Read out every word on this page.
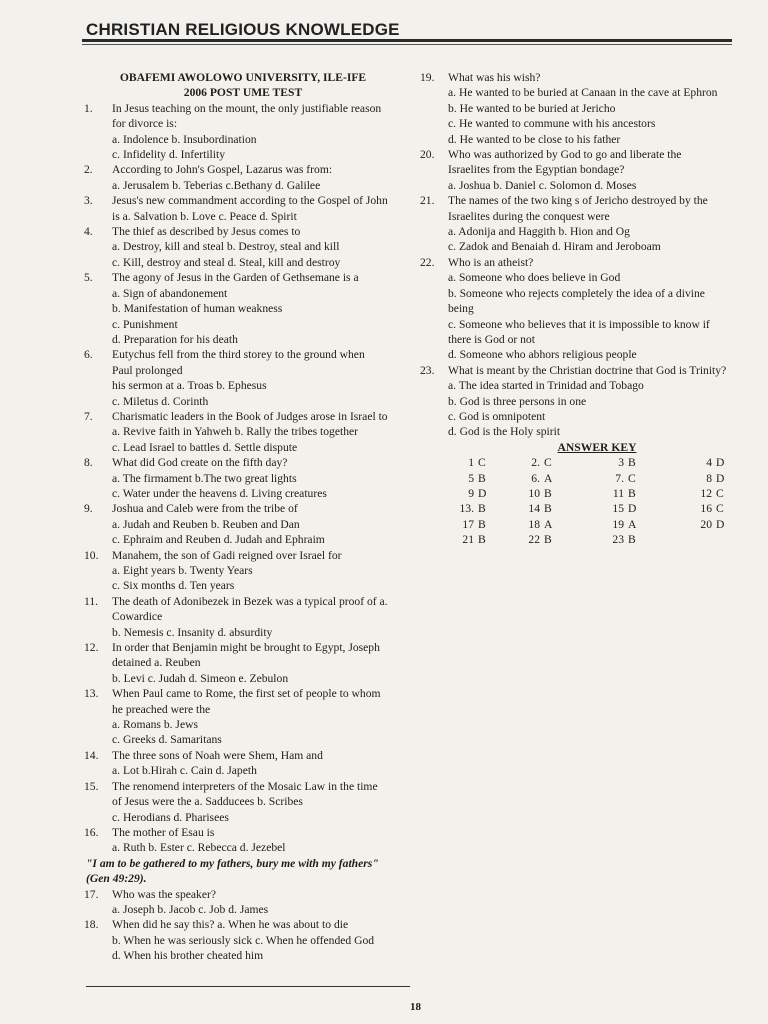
CHRISTIAN RELIGIOUS KNOWLEDGE
OBAFEMI AWOLOWO UNIVERSITY, ILE-IFE
2006 POST UME TEST
1. In Jesus teaching on the mount, the only justifiable reason
for divorce is:
a. Indolence b. Insubordination
c. Infidelity d. Infertility
2. According to John's Gospel, Lazarus was from:
a. Jerusalem b. Teberias c.Bethany d. Galilee
3. Jesus's new commandment according to the Gospel of John
is a. Salvation b. Love c. Peace d. Spirit
4. The thief as described by Jesus comes to
a. Destroy, kill and steal b. Destroy, steal and kill
c. Kill, destroy and steal d. Steal, kill and destroy
5. The agony of Jesus in the Garden of Gethsemane is a
a. Sign of abandonement
b. Manifestation of human weakness
c. Punishment
d. Preparation for his death
6. Eutychus fell from the third storey to the ground when
Paul prolonged
his sermon at a. Troas b. Ephesus
c. Miletus d. Corinth
7. Charismatic leaders in the Book of Judges arose in Israel to
a. Revive faith in Yahweh b. Rally the tribes together
c. Lead Israel to battles d. Settle dispute
8. What did God create on the fifth day?
a. The firmament b.The two great lights
c. Water under the heavens d. Living creatures
9. Joshua and Caleb were from the tribe of
a. Judah and Reuben b. Reuben and Dan
c. Ephraim and Reuben d. Judah and Ephraim
10. Manahem, the son of Gadi reigned over Israel for
a. Eight years b. Twenty Years
c. Six months d. Ten years
11. The death of Adonibezek in Bezek was a typical proof of a.
Cowardice
b. Nemesis c. Insanity d. absurdity
12. In order that Benjamin might be brought to Egypt, Joseph
detained a. Reuben
b. Levi c. Judah d. Simeon e. Zebulon
13. When Paul came to Rome, the first set of people to whom
he preached were the
a. Romans b. Jews
c. Greeks d. Samaritans
14. The three sons of Noah were Shem, Ham and
a. Lot b.Hirah c. Cain d. Japeth
15. The renomend interpreters of the Mosaic Law in the time
of Jesus were the a. Sadducees b. Scribes
c. Herodians d. Pharisees
16. The mother of Esau is
a. Ruth b. Ester c. Rebecca d. Jezebel
"I am to be gathered to my fathers, bury me with my fathers"
(Gen 49:29).
17. Who was the speaker?
a. Joseph b. Jacob c. Job d. James
18. When did he say this? a. When he was about to die
b. When he was seriously sick c. When he offended God
d. When his brother cheated him
19. What was his wish?
a. He wanted to be buried at Canaan in the cave at Ephron
b. He wanted to be buried at Jericho
c. He wanted to commune with his ancestors
d. He wanted to be close to his father
20. Who was authorized by God to go and liberate the
Israelites from the Egyptian bondage?
a. Joshua b. Daniel c. Solomon d. Moses
21. The names of the two king s of Jericho destroyed by the
Israelites during the conquest were
a. Adonija and Haggith b. Hion and Og
c. Zadok and Benaiah d. Hiram and Jeroboam
22. Who is an atheist?
a. Someone who does believe in God
b. Someone who rejects completely the idea of a divine
being
c. Someone who believes that it is impossible to know if
there is God or not
d. Someone who abhors religious people
23. What is meant by the Christian doctrine that God is Trinity?
a. The idea started in Trinidad and Tobago
b. God is three persons in one
c. God is omnipotent
d. God is the Holy spirit
ANSWER KEY
1 C	2. C	3 B	4 D
5 B	6. A	7. C	8 D
9 D	10 B	11 B	12 C
13. B	14 B	15 D	16 C
17 B	18 A	19 A	20 D
21 B	22 B	23 B
18
